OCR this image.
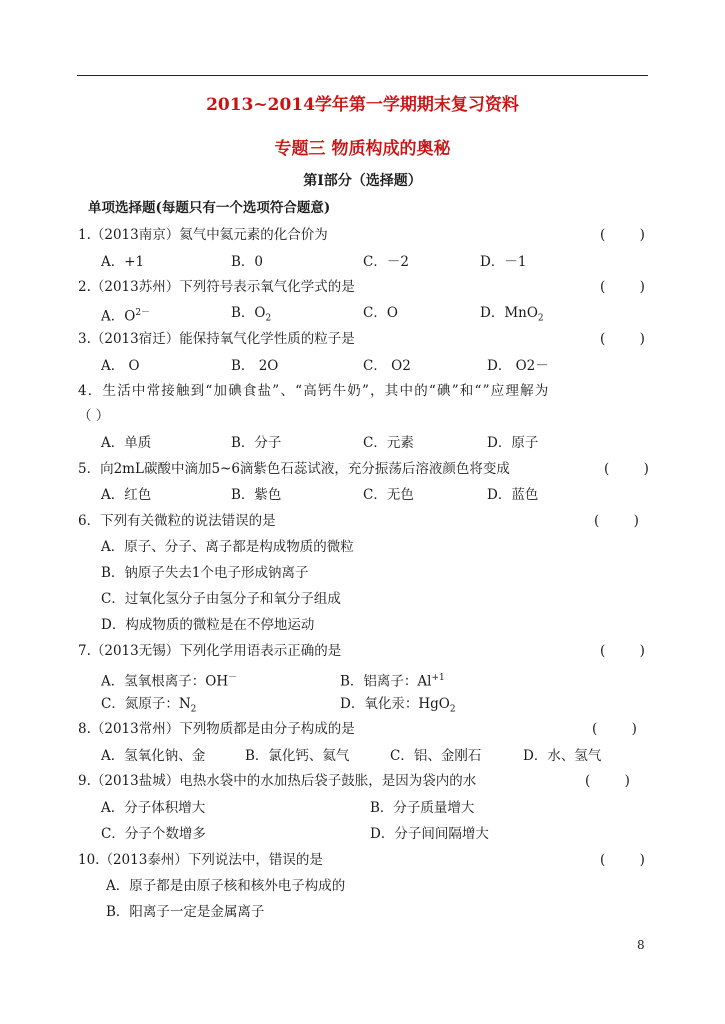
2013~2014学年第一学期期末复习资料
专题三 物质构成的奥秘
第Ⅰ部分（选择题）
单项选择题(每题只有一个选项符合题意)
1.（2013南京）氦气中氦元素的化合价为	(        )
A．+1	B．0	C．－2	D．－1
2.（2013苏州）下列符号表示氧气化学式的是	(        )
A．$O^{2-}$	B．$O_2$	C．O	D．MnO$_2$
3.（2013宿迁）能保持氧气化学性质的粒子是	(        )
A． O	B． 2O	C． O2	D． O2－
4．生活中常接触到“加碘食盐”、“高钙牛奶”，其中的“碘”和“”应理解为
（ ）
A．单质	B．分子	C．元素	D．原子
5．向2mL碳酸中滴加5~6滴紫色石蕊试液，充分振荡后溶液颜色将变成	(        )
A．红色	B．紫色	C．无色	D．蓝色
6．下列有关微粒的说法错误的是	(        )
A．原子、分子、离子都是构成物质的微粒
B．钠原子失去1个电子形成钠离子
C．过氧化氢分子由氢分子和氧分子组成
D．构成物质的微粒是在不停地运动
7.（2013无锡）下列化学用语表示正确的是	(        )
A．氢氧根离子：OH－	B．铝离子：$Al^{+1}$
C．氮原子：$N_2$	D．氧化汞：HgO$_2$
8.（2013常州）下列物质都是由分子构成的是	(        )
A．氢氧化钠、金	B．氯化钙、氦气	C．铝、金刚石	D．水、氢气
9.（2013盐城）电热水袋中的水加热后袋子鼓胀，是因为袋内的水	(        )
A．分子体积增大	B．分子质量增大
C．分子个数增多	D．分子间间隔增大
10.（2013泰州）下列说法中，错误的是	(        )
A．原子都是由原子核和核外电子构成的
B．阳离子一定是金属离子
8
